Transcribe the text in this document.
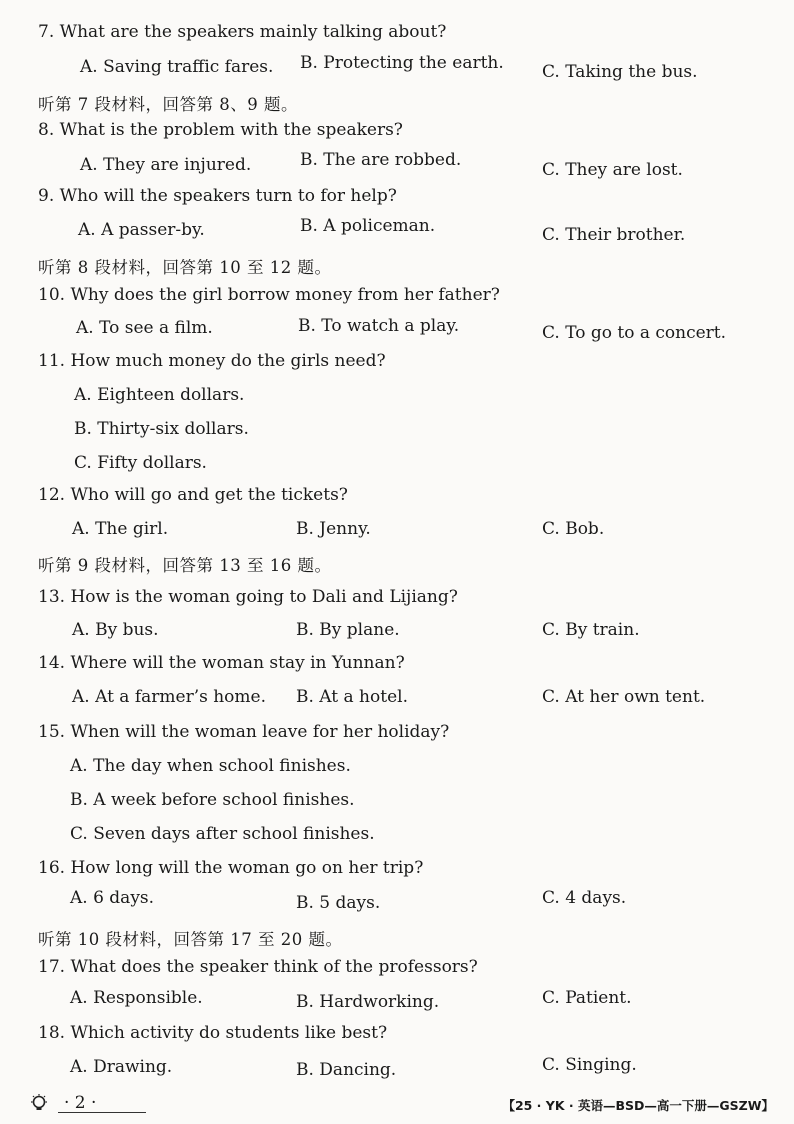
7. What are the speakers mainly talking about?
A. Saving traffic fares. B. Protecting the earth. C. Taking the bus.
听第 7 段材料，回答第 8、9 题。
8. What is the problem with the speakers?
A. They are injured.	B. The are robbed.	C. They are lost.
9. Who will the speakers turn to for help?
A. A passer-by.	B. A policeman.	C. Their brother.
听第 8 段材料，回答第 10 至 12 题。
10. Why does the girl borrow money from her father?
A. To see a film.	B. To watch a play.	C. To go to a concert.
11. How much money do the girls need?
A. Eighteen dollars.
B. Thirty-six dollars.
C. Fifty dollars.
12. Who will go and get the tickets?
A. The girl.	B. Jenny.	C. Bob.
听第 9 段材料，回答第 13 至 16 题。
13. How is the woman going to Dali and Lijiang?
A. By bus.	B. By plane.	C. By train.
14. Where will the woman stay in Yunnan?
A. At a farmer’s home. B. At a hotel.	C. At her own tent.
15. When will the woman leave for her holiday?
A. The day when school finishes.
B. A week before school finishes.
C. Seven days after school finishes.
16. How long will the woman go on her trip?
A. 6 days.	B. 5 days.	C. 4 days.
听第 10 段材料，回答第 17 至 20 题。
17. What does the speaker think of the professors?
A. Responsible.	B. Hardworking.	C. Patient.
18. Which activity do students like best?
A. Drawing.	B. Dancing.	C. Singing.
· 2 ·	【25 · YK · 英语—BSD—高一下册—GSZW】
